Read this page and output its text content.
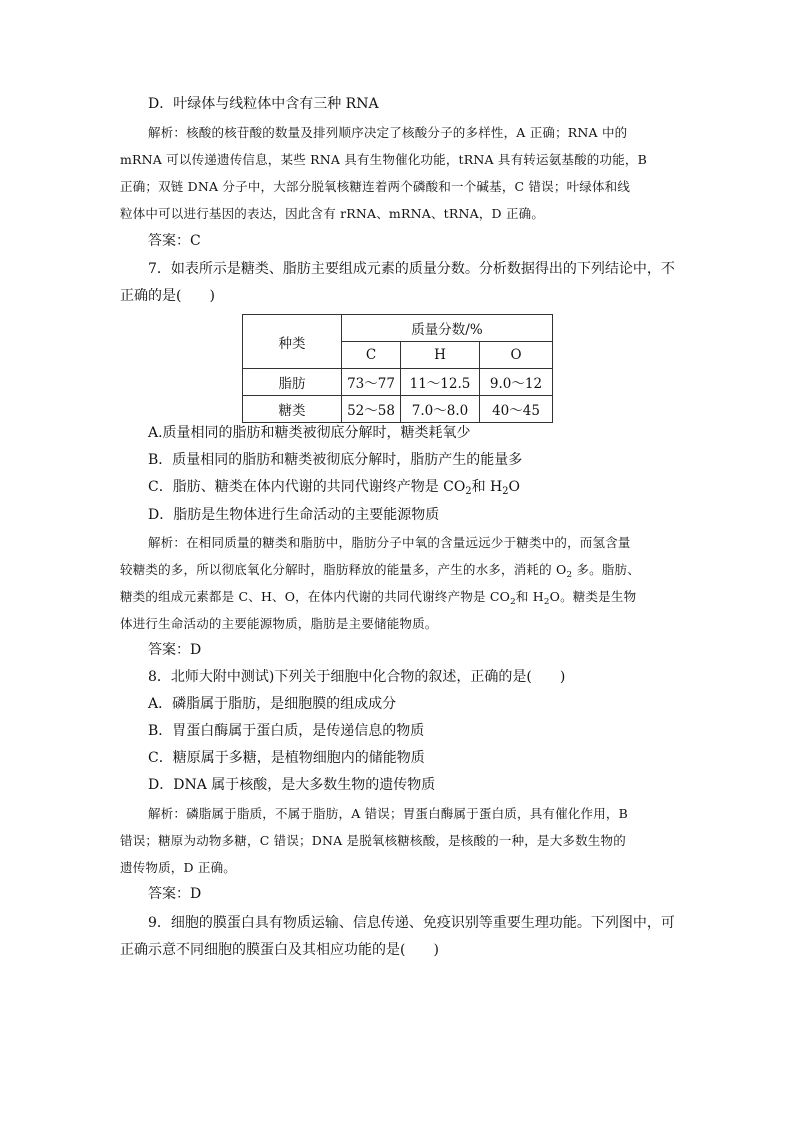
D．叶绿体与线粒体中含有三种 RNA
解析：核酸的核苷酸的数量及排列顺序决定了核酸分子的多样性，A 正确；RNA 中的
mRNA 可以传递遗传信息，某些 RNA 具有生物催化功能，tRNA 具有转运氨基酸的功能，B
正确；双链 DNA 分子中，大部分脱氧核糖连着两个磷酸和一个碱基，C 错误；叶绿体和线
粒体中可以进行基因的表达，因此含有 rRNA、mRNA、tRNA，D 正确。
答案：C
7．如表所示是糖类、脂肪主要组成元素的质量分数。分析数据得出的下列结论中，不
正确的是(　　)
种类	质量分数/%		
	C	H	O
脂肪	73～77	11～12.5	9.0～12
糖类	52～58	7.0～8.0	40～45
A.质量相同的脂肪和糖类被彻底分解时，糖类耗氧少
B．质量相同的脂肪和糖类被彻底分解时，脂肪产生的能量多
C．脂肪、糖类在体内代谢的共同代谢终产物是 $CO_2$和 $H_2O$
D．脂肪是生物体进行生命活动的主要能源物质
解析：在相同质量的糖类和脂肪中，脂肪分子中氧的含量远远少于糖类中的，而氢含量
较糖类的多，所以彻底氧化分解时，脂肪释放的能量多，产生的水多，消耗的 $O_2$ 多。脂肪、
糖类的组成元素都是 C、H、O，在体内代谢的共同代谢终产物是 $CO_2$和 $H_2O$。糖类是生物
体进行生命活动的主要能源物质，脂肪是主要储能物质。
答案：D
8．北师大附中测试)下列关于细胞中化合物的叙述，正确的是(　　)
A．磷脂属于脂肪，是细胞膜的组成成分
B．胃蛋白酶属于蛋白质，是传递信息的物质
C．糖原属于多糖，是植物细胞内的储能物质
D．DNA 属于核酸，是大多数生物的遗传物质
解析：磷脂属于脂质，不属于脂肪，A 错误；胃蛋白酶属于蛋白质，具有催化作用，B
错误；糖原为动物多糖，C 错误；DNA 是脱氧核糖核酸，是核酸的一种，是大多数生物的
遗传物质，D 正确。
答案：D
9．细胞的膜蛋白具有物质运输、信息传递、免疫识别等重要生理功能。下列图中，可
正确示意不同细胞的膜蛋白及其相应功能的是(　　)
